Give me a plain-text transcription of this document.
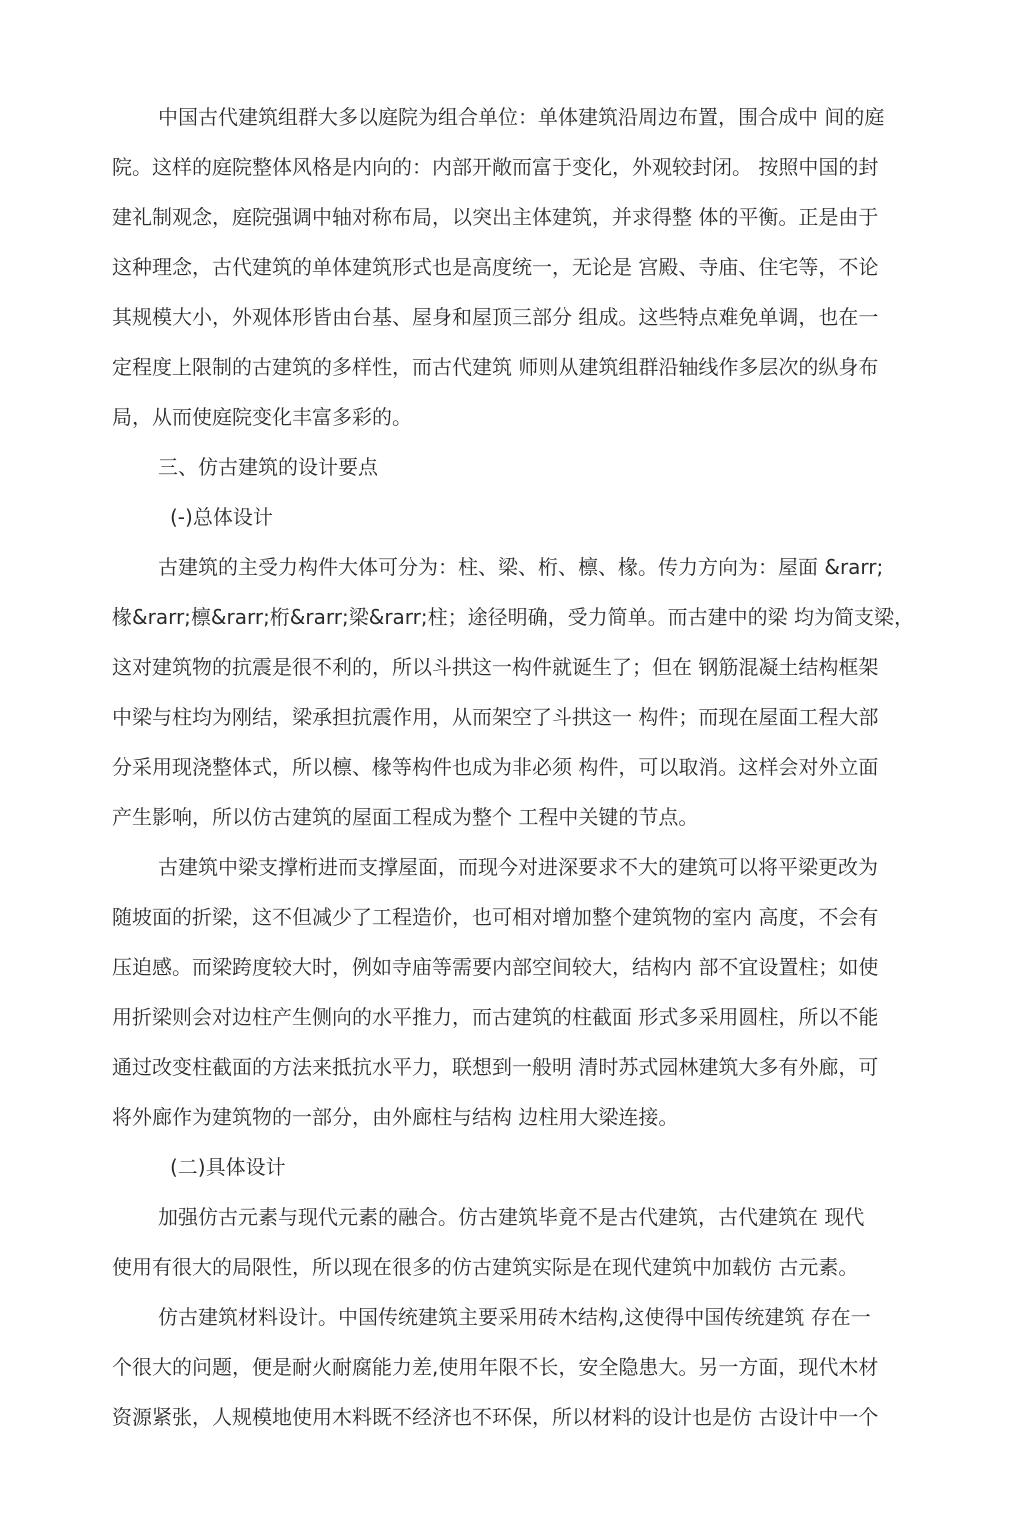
中国古代建筑组群大多以庭院为组合单位：单体建筑沿周边布置，围合成中 间的庭
院。这样的庭院整体风格是内向的：内部开敞而富于变化，外观较封闭。 按照中国的封
建礼制观念，庭院强调中轴对称布局，以突出主体建筑，并求得整 体的平衡。正是由于
这种理念，古代建筑的单体建筑形式也是高度统一，无论是 宫殿、寺庙、住宅等，不论
其规模大小，外观体形皆由台基、屋身和屋顶三部分 组成。这些特点难免单调，也在一
定程度上限制的古建筑的多样性，而古代建筑 师则从建筑组群沿轴线作多层次的纵身布
局，从而使庭院变化丰富多彩的。
三、仿古建筑的设计要点
(-)总体设计
古建筑的主受力构件大体可分为：柱、梁、桁、檩、椽。传力方向为：屋面 &rarr;
椽&rarr;檩&rarr;桁&rarr;梁&rarr;柱；途径明确，受力简单。而古建中的梁 均为简支梁，
这对建筑物的抗震是很不利的，所以斗拱这一构件就诞生了；但在 钢筋混凝土结构框架
中梁与柱均为刚结，梁承担抗震作用，从而架空了斗拱这一 构件；而现在屋面工程大部
分采用现浇整体式，所以檩、椽等构件也成为非必须 构件，可以取消。这样会对外立面
产生影响，所以仿古建筑的屋面工程成为整个 工程中关键的节点。
古建筑中梁支撑桁进而支撑屋面，而现今对进深要求不大的建筑可以将平梁更改为
随坡面的折梁，这不但减少了工程造价，也可相对增加整个建筑物的室内 高度，不会有
压迫感。而梁跨度较大时，例如寺庙等需要内部空间较大，结构内 部不宜设置柱；如使
用折梁则会对边柱产生侧向的水平推力，而古建筑的柱截面 形式多采用圆柱，所以不能
通过改变柱截面的方法来抵抗水平力，联想到一般明 清时苏式园林建筑大多有外廊，可
将外廊作为建筑物的一部分，由外廊柱与结构 边柱用大梁连接。
(二)具体设计
加强仿古元素与现代元素的融合。仿古建筑毕竟不是古代建筑，古代建筑在 现代
使用有很大的局限性，所以现在很多的仿古建筑实际是在现代建筑中加载仿 古元素。
仿古建筑材料设计。中国传统建筑主要采用砖木结构,这使得中国传统建筑 存在一
个很大的问题，便是耐火耐腐能力差,使用年限不长，安全隐患大。另一方面，现代木材
资源紧张，人规模地使用木料既不经济也不环保，所以材料的设计也是仿 古设计中一个
